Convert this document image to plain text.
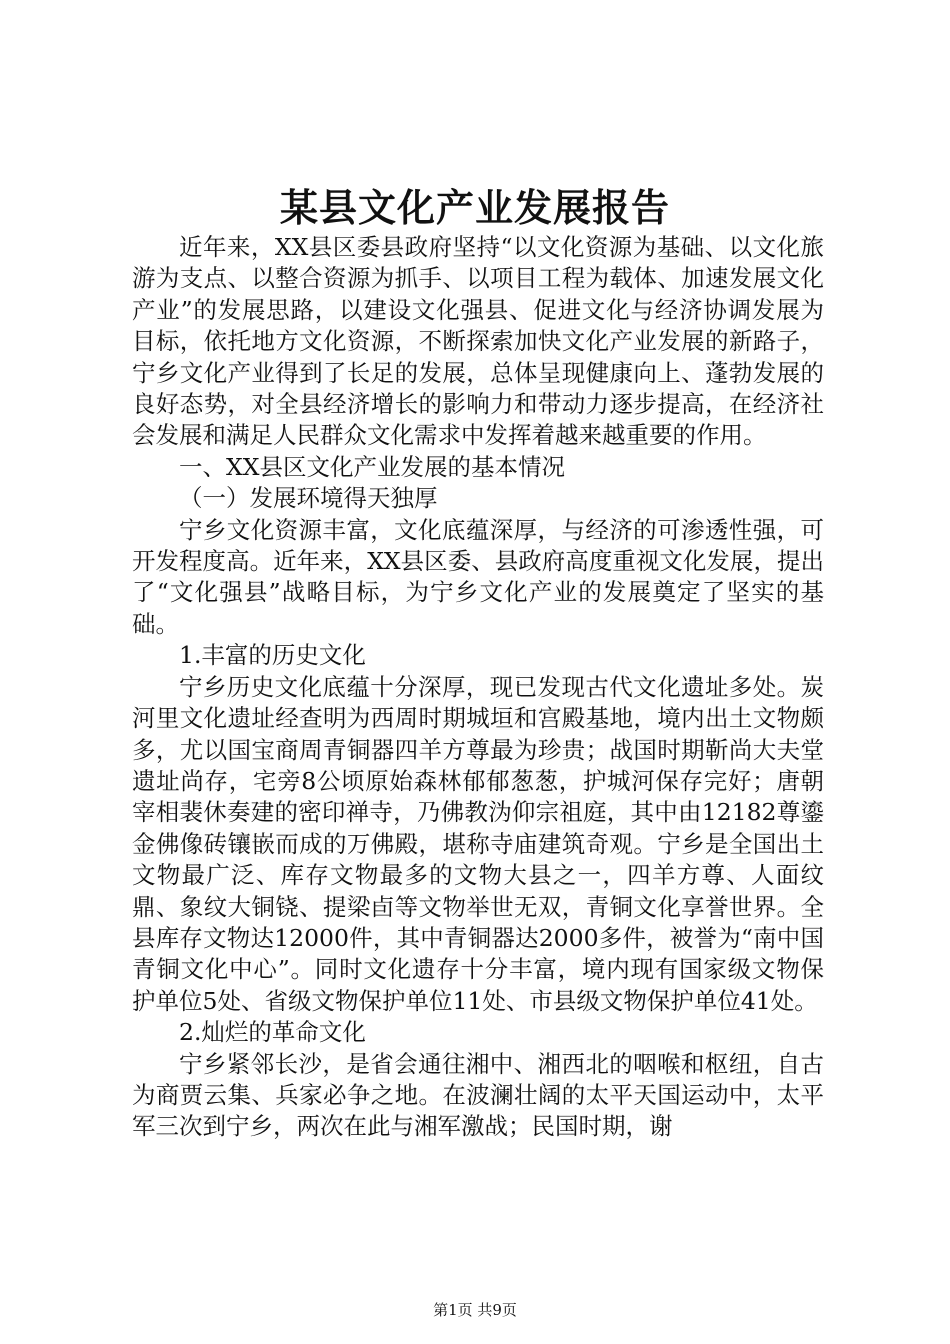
某县文化产业发展报告

近年来，XX县区委县政府坚持“以文化资源为基础、以文化旅游为支点、以整合资源为抓手、以项目工程为载体、加速发展文化产业”的发展思路，以建设文化强县、促进文化与经济协调发展为目标，依托地方文化资源，不断探索加快文化产业发展的新路子，宁乡文化产业得到了长足的发展，总体呈现健康向上、蓬勃发展的良好态势，对全县经济增长的影响力和带动力逐步提高，在经济社会发展和满足人民群众文化需求中发挥着越来越重要的作用。

一、XX县区文化产业发展的基本情况

（一）发展环境得天独厚

宁乡文化资源丰富，文化底蕴深厚，与经济的可渗透性强，可开发程度高。近年来，XX县区委、县政府高度重视文化发展，提出了“文化强县”战略目标，为宁乡文化产业的发展奠定了坚实的基础。

1.丰富的历史文化

宁乡历史文化底蕴十分深厚，现已发现古代文化遗址多处。炭河里文化遗址经查明为西周时期城垣和宫殿基地，境内出土文物颇多，尤以国宝商周青铜器四羊方尊最为珍贵；战国时期靳尚大夫堂遗址尚存，宅旁8公顷原始森林郁郁葱葱，护城河保存完好；唐朝宰相裴休奏建的密印禅寺，乃佛教沩仰宗祖庭，其中由12182尊鎏金佛像砖镶嵌而成的万佛殿，堪称寺庙建筑奇观。宁乡是全国出土文物最广泛、库存文物最多的文物大县之一，四羊方尊、人面纹鼎、象纹大铜铙、提梁卣等文物举世无双，青铜文化享誉世界。全县库存文物达12000件，其中青铜器达2000多件，被誉为“南中国青铜文化中心”。同时文化遗存十分丰富，境内现有国家级文物保护单位5处、省级文物保护单位11处、市县级文物保护单位41处。

2.灿烂的革命文化

宁乡紧邻长沙，是省会通往湘中、湘西北的咽喉和枢纽，自古为商贾云集、兵家必争之地。在波澜壮阔的太平天国运动中，太平军三次到宁乡，两次在此与湘军激战；民国时期，谢

第1页 共9页
